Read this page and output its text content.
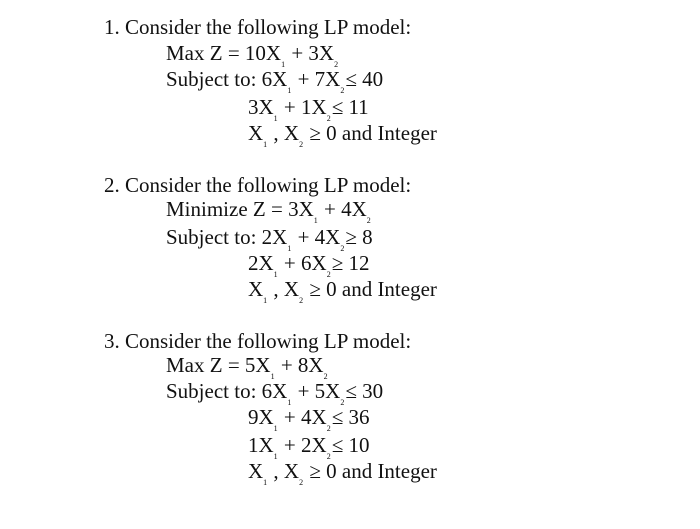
1. Consider the following LP model:
Max $Z = 10X_1 + 3X_2$
Subject to: $6X_1 + 7X_2\le 40$
$3X_1 + 1X_2\le 11$
$X_1$ , $X_2 \ge 0$ and Integer
2. Consider the following LP model:
Minimize $Z = 3X_1 + 4X_2$
Subject to: $2X_1 + 4X_2\ge 8$
$2X_1 + 6X_2\ge 12$
$X_1$ , $X_2 \ge 0$ and Integer
3. Consider the following LP model:
Max $Z = 5X_1 + 8X_2$
Subject to: $6X_1 + 5X_2\le 30$
$9X_1 + 4X_2\le 36$
$1X_1 + 2X_2\le 10$
$X_1$ , $X_2 \ge 0$ and Integer
